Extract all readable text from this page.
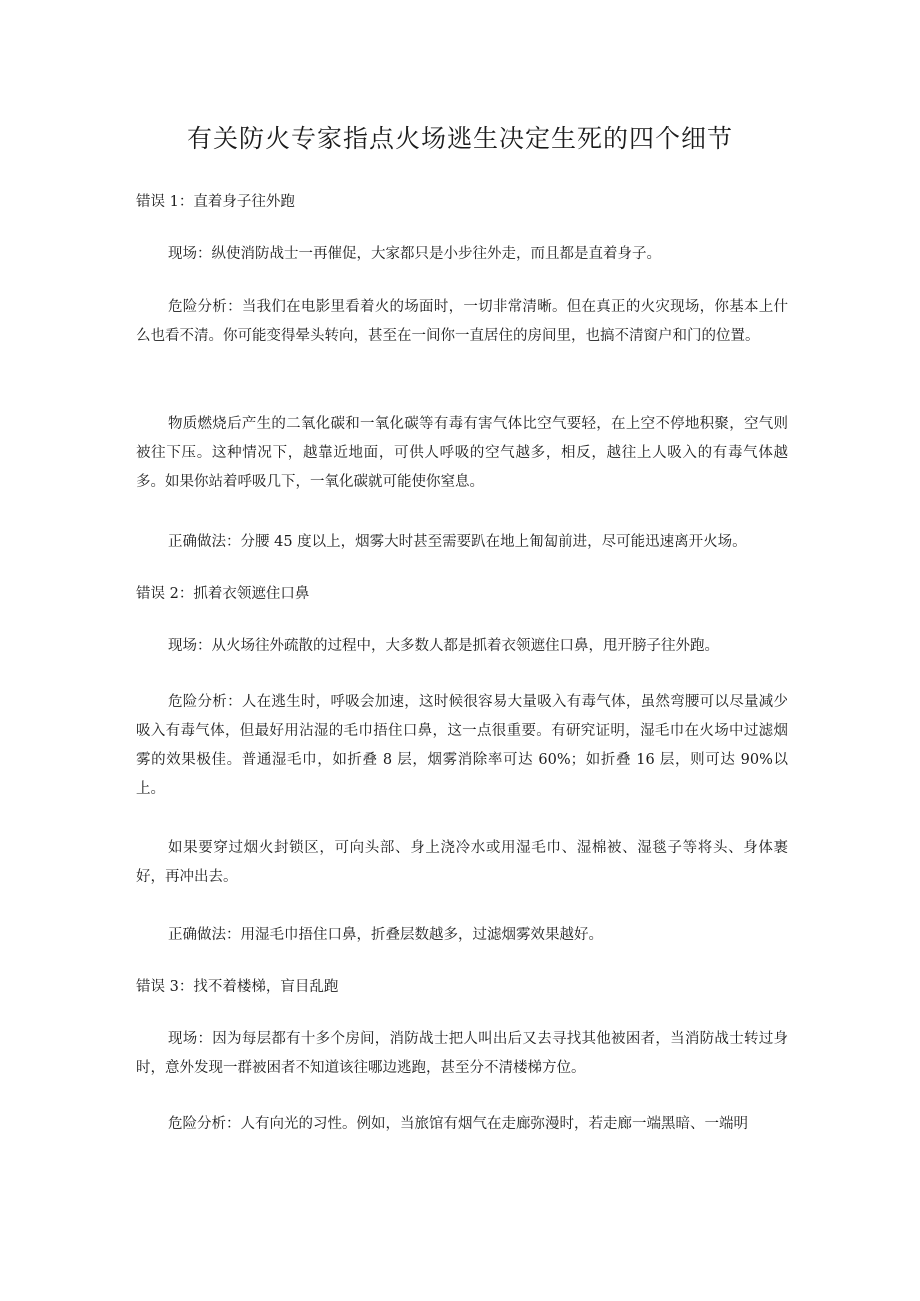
有关防火专家指点火场逃生决定生死的四个细节

错误 1：直着身子往外跑

现场：纵使消防战士一再催促，大家都只是小步往外走，而且都是直着身子。

危险分析：当我们在电影里看着火的场面时，一切非常清晰。但在真正的火灾现场，你基本上什么也看不清。你可能变得晕头转向，甚至在一间你一直居住的房间里，也搞不清窗户和门的位置。

物质燃烧后产生的二氧化碳和一氧化碳等有毒有害气体比空气要轻，在上空不停地积聚，空气则被往下压。这种情况下，越靠近地面，可供人呼吸的空气越多，相反，越往上人吸入的有毒气体越多。如果你站着呼吸几下，一氧化碳就可能使你窒息。

正确做法：分腰 45 度以上，烟雾大时甚至需要趴在地上匍匐前进，尽可能迅速离开火场。

错误 2：抓着衣领遮住口鼻

现场：从火场往外疏散的过程中，大多数人都是抓着衣领遮住口鼻，甩开膀子往外跑。

危险分析：人在逃生时，呼吸会加速，这时候很容易大量吸入有毒气体，虽然弯腰可以尽量减少吸入有毒气体，但最好用沾湿的毛巾捂住口鼻，这一点很重要。有研究证明，湿毛巾在火场中过滤烟雾的效果极佳。普通湿毛巾，如折叠 8 层，烟雾消除率可达 60%；如折叠 16 层，则可达 90%以上。

如果要穿过烟火封锁区，可向头部、身上浇冷水或用湿毛巾、湿棉被、湿毯子等将头、身体裹好，再冲出去。

正确做法：用湿毛巾捂住口鼻，折叠层数越多，过滤烟雾效果越好。

错误 3：找不着楼梯，盲目乱跑

现场：因为每层都有十多个房间，消防战士把人叫出后又去寻找其他被困者，当消防战士转过身时，意外发现一群被困者不知道该往哪边逃跑，甚至分不清楼梯方位。

危险分析：人有向光的习性。例如，当旅馆有烟气在走廊弥漫时，若走廊一端黑暗、一端明
